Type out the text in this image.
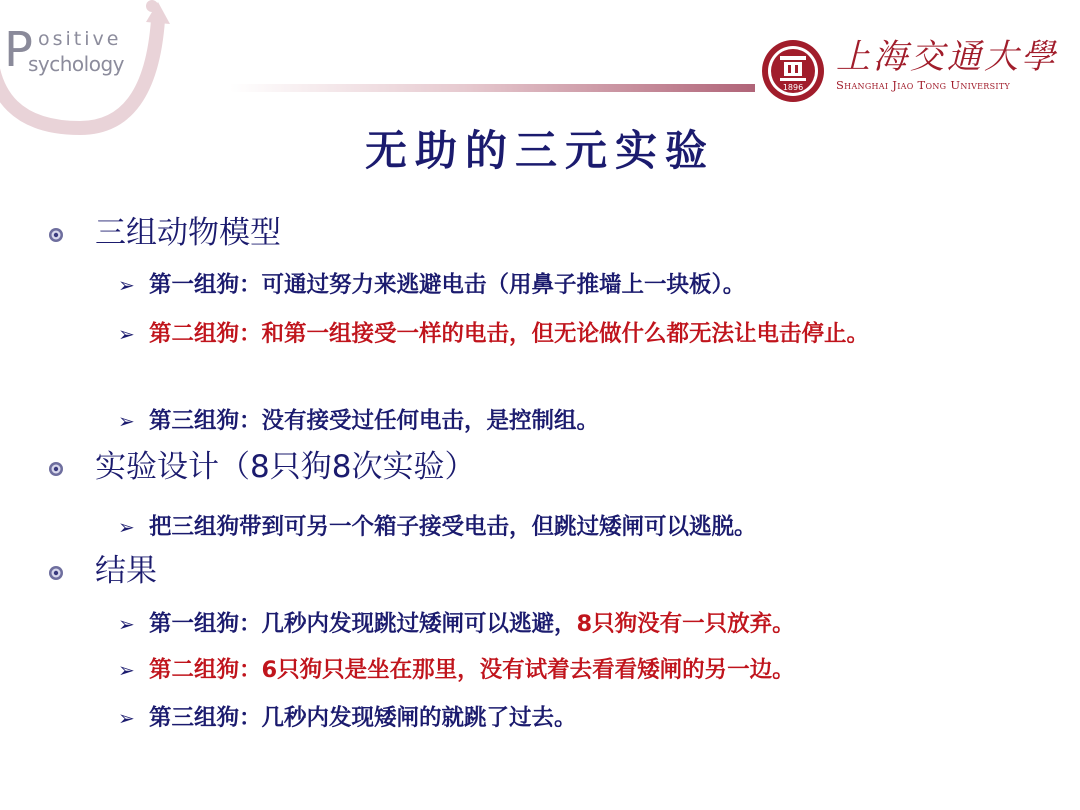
P ositive
sychology
1896
上海交通大學
Shanghai Jiao Tong University
无助的三元实验
三组动物模型
➢ 第一组狗：可通过努力来逃避电击（用鼻子推墙上一块板）。
➢ 第二组狗：和第一组接受一样的电击，但无论做什么都无法让电击停止。
➢ 第三组狗：没有接受过任何电击，是控制组。
实验设计（8只狗8次实验）
➢ 把三组狗带到可另一个箱子接受电击，但跳过矮闸可以逃脱。
结果
➢ 第一组狗：几秒内发现跳过矮闸可以逃避，8只狗没有一只放弃。
➢ 第二组狗：6只狗只是坐在那里，没有试着去看看矮闸的另一边。
➢ 第三组狗：几秒内发现矮闸的就跳了过去。
